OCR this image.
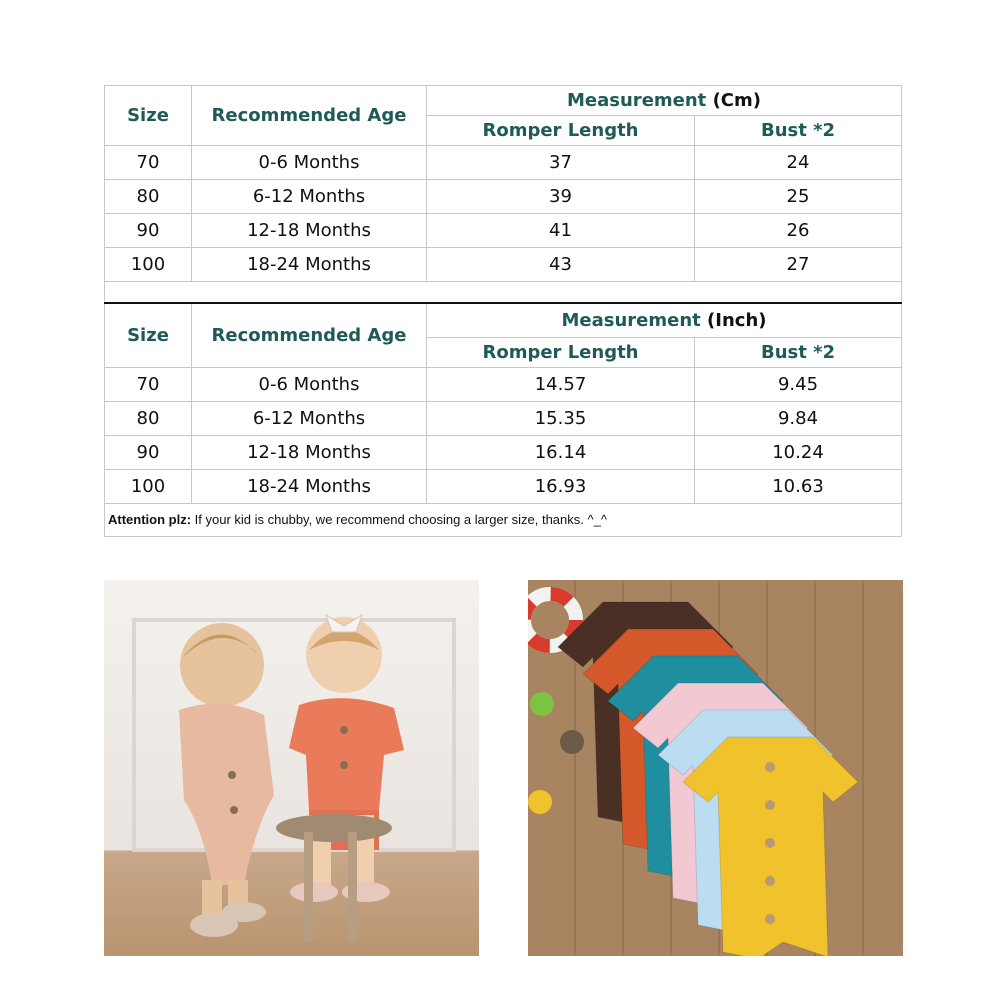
Size	Recommended Age	Measurement (Cm)	
		Romper Length	Bust *2
70	0-6 Months	37	24
80	6-12 Months	39	25
90	12-18 Months	41	26
100	18-24 Months	43	27

Size	Recommended Age	Measurement (Inch)	
		Romper Length	Bust *2
70	0-6 Months	14.57	9.45
80	6-12 Months	15.35	9.84
90	12-18 Months	16.14	10.24
100	18-24 Months	16.93	10.63
Attention plz: If your kid is chubby, we recommend choosing a larger size, thanks. ^_^			
